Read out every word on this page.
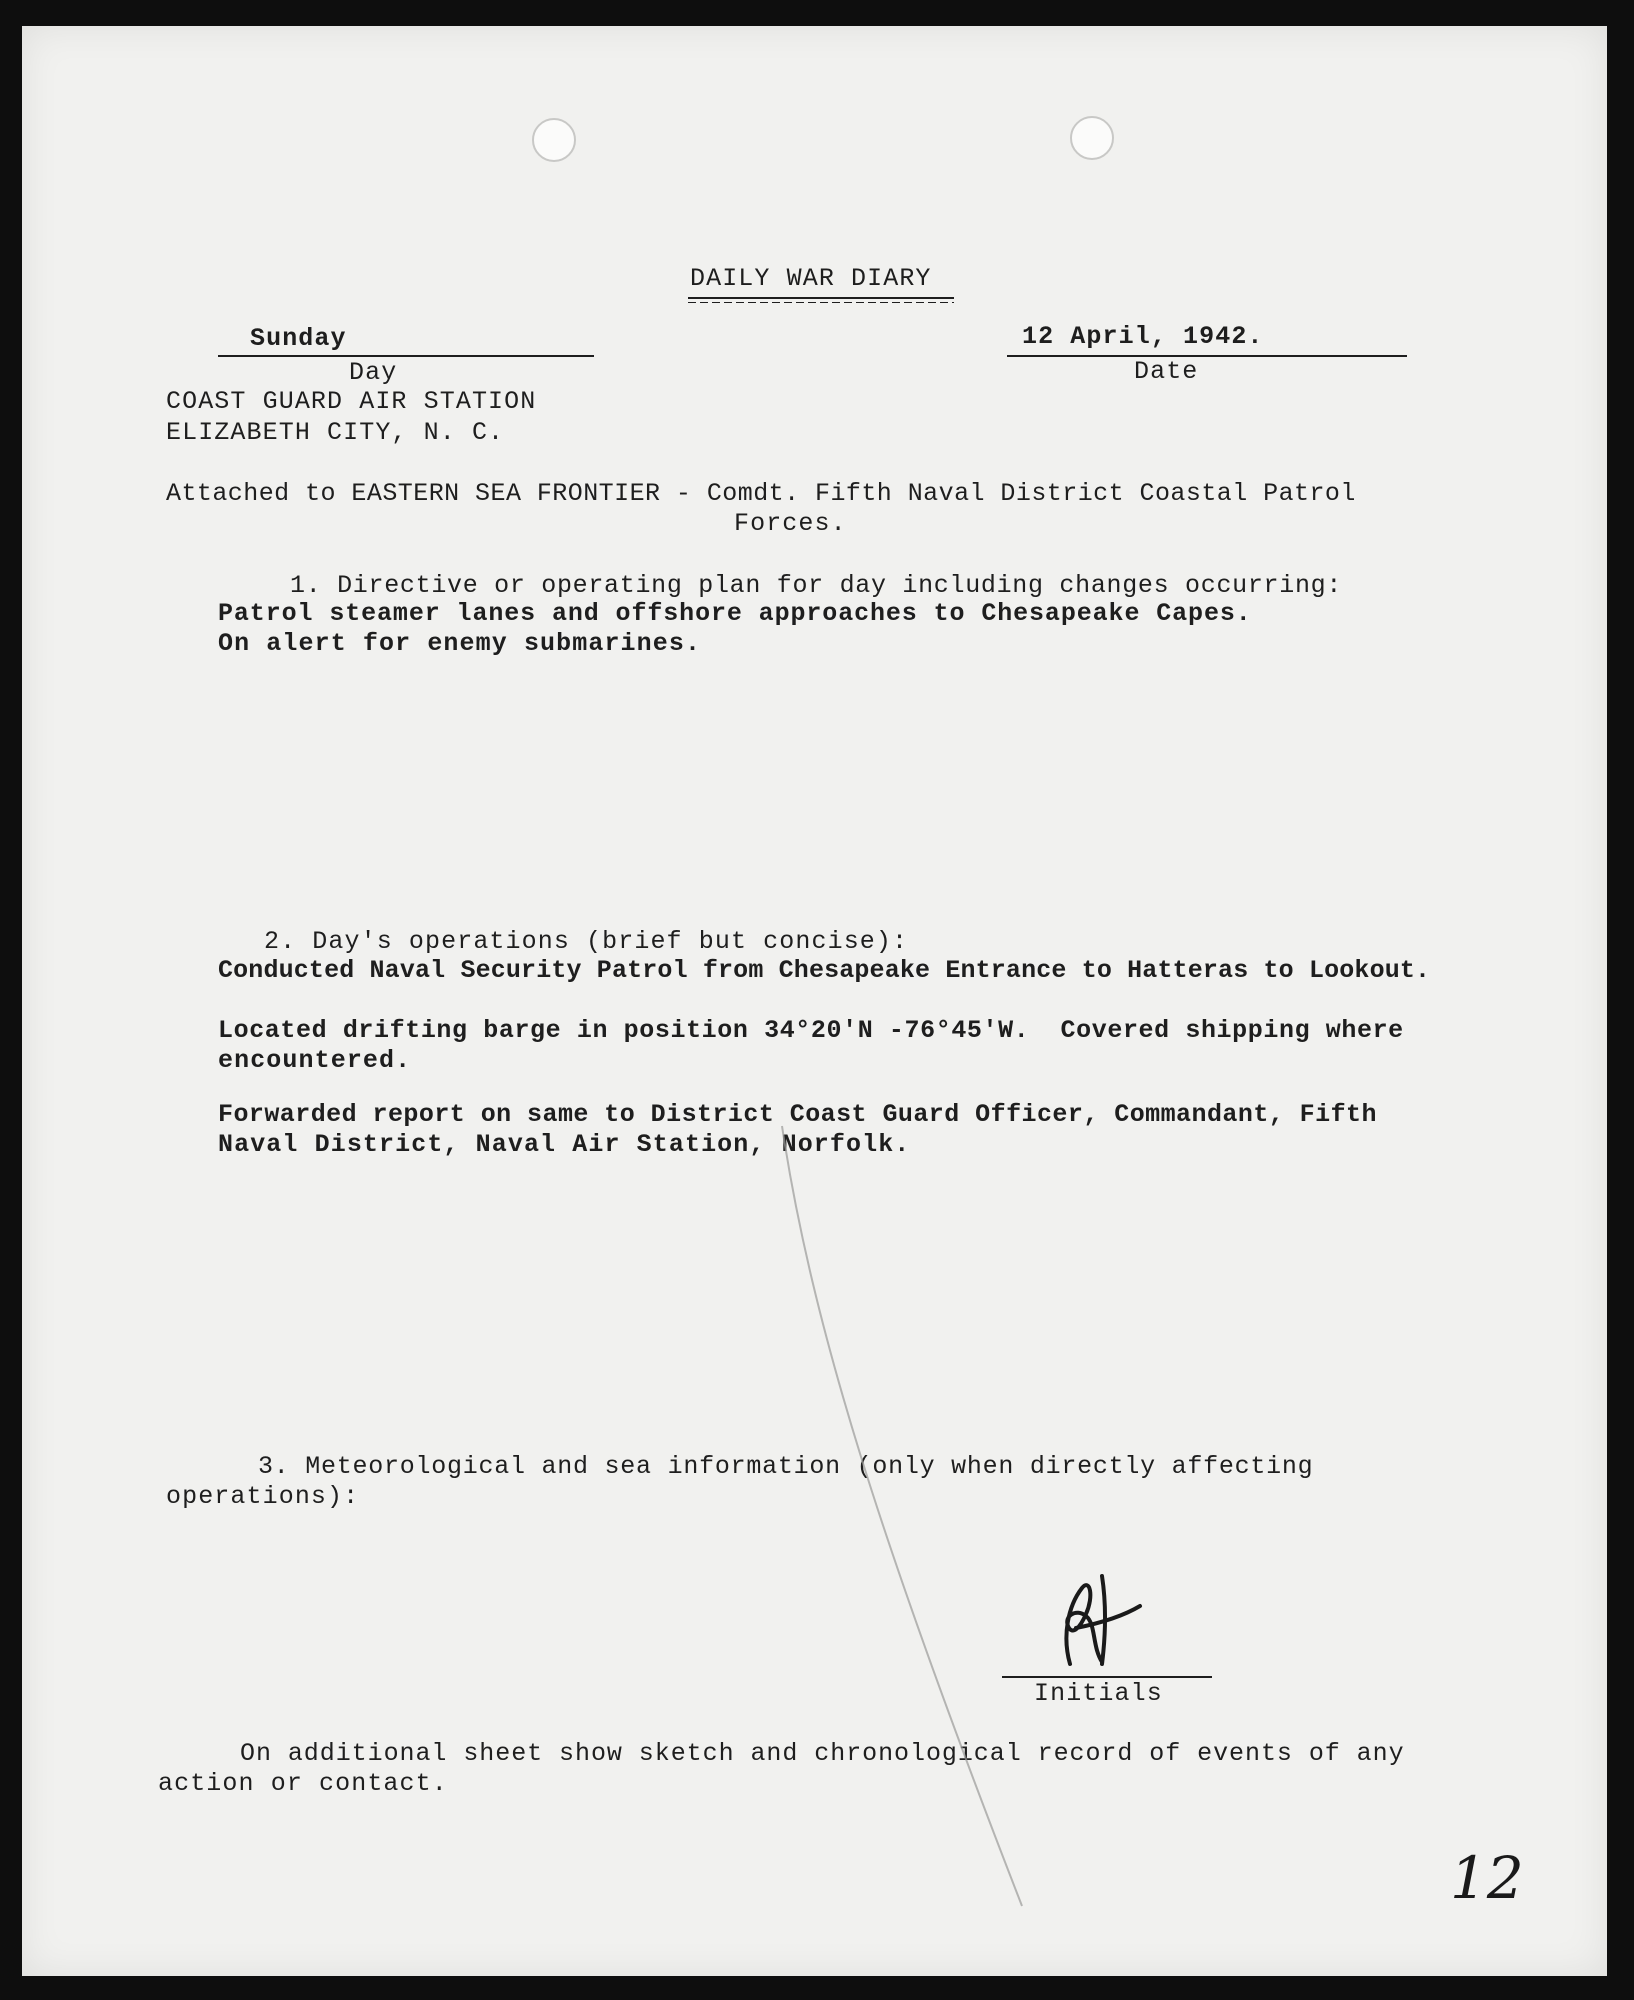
DAILY WAR DIARY
Sunday
Day
12 April, 1942.
Date
COAST GUARD AIR STATION
ELIZABETH CITY, N. C.
Attached to EASTERN SEA FRONTIER - Comdt. Fifth Naval District Coastal Patrol
Forces.
1. Directive or operating plan for day including changes occurring:
Patrol steamer lanes and offshore approaches to Chesapeake Capes.
On alert for enemy submarines.
2. Day's operations (brief but concise):
Conducted Naval Security Patrol from Chesapeake Entrance to Hatteras to Lookout.
Located drifting barge in position 34°20'N -76°45'W.  Covered shipping where
encountered.
Forwarded report on same to District Coast Guard Officer, Commandant, Fifth
Naval District, Naval Air Station, Norfolk.
3. Meteorological and sea information (only when directly affecting
operations):
Initials
On additional sheet show sketch and chronological record of events of any
action or contact.
12
